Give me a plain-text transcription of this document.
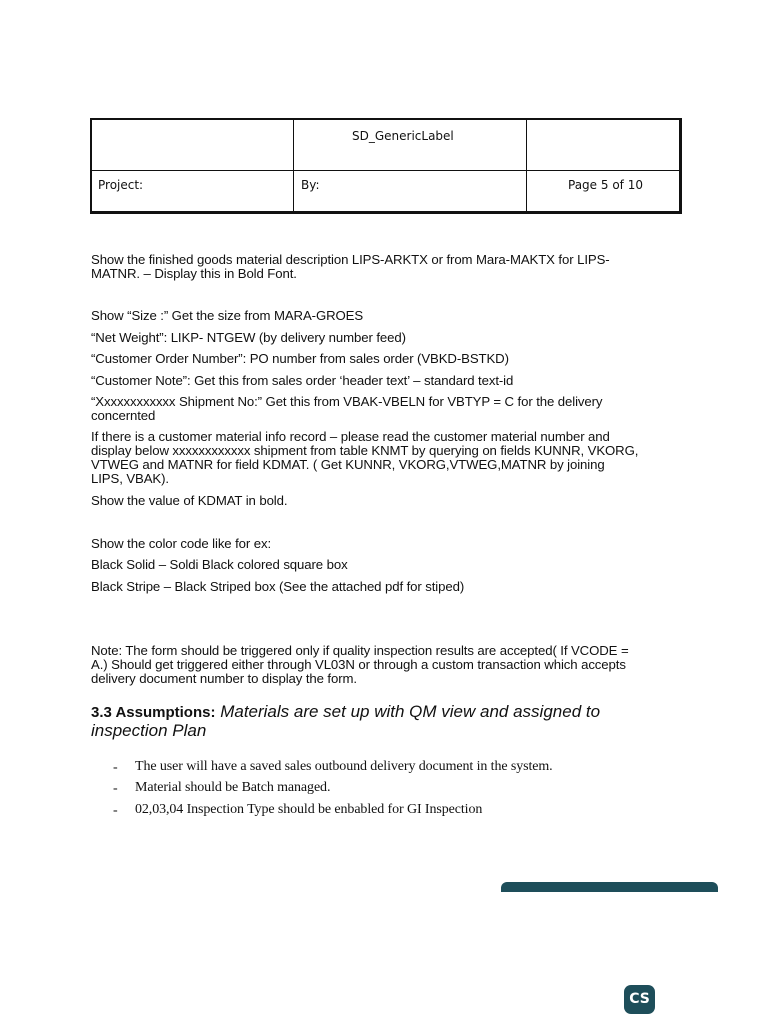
SD_GenericLabel
Project:	By:	Page 5 of 10
Show the finished goods material description LIPS-ARKTX or from Mara-MAKTX for LIPS-
MATNR. – Display this in Bold Font.
Show “Size :” Get the size from MARA-GROES
“Net Weight”: LIKP- NTGEW (by delivery number feed)
“Customer Order Number”: PO number from sales order (VBKD-BSTKD)
“Customer Note”: Get this from sales order ‘header text’ – standard text-id
“Xxxxxxxxxxxx Shipment No:” Get this from VBAK-VBELN for VBTYP = C for the delivery
concernted
If there is a customer material info record – please read the customer material number and
display below xxxxxxxxxxxx shipment from table KNMT by querying on fields KUNNR, VKORG,
VTWEG and MATNR for field KDMAT. ( Get KUNNR, VKORG,VTWEG,MATNR by joining
LIPS, VBAK).
Show the value of KDMAT in bold.
Show the color code like for ex:
Black Solid – Soldi Black colored square box
Black Stripe – Black Striped box (See the attached pdf for stiped)
Note: The form should be triggered only if quality inspection results are accepted( If VCODE =
A.) Should get triggered either through VL03N or through a custom transaction which accepts
delivery document number to display the form.
3.3 Assumptions: Materials are set up with QM view and assigned to
inspection Plan
- The user will have a saved sales outbound delivery document in the system.
- Material should be Batch managed.
- 02,03,04 Inspection Type should be enbabled for GI Inspection
CS
